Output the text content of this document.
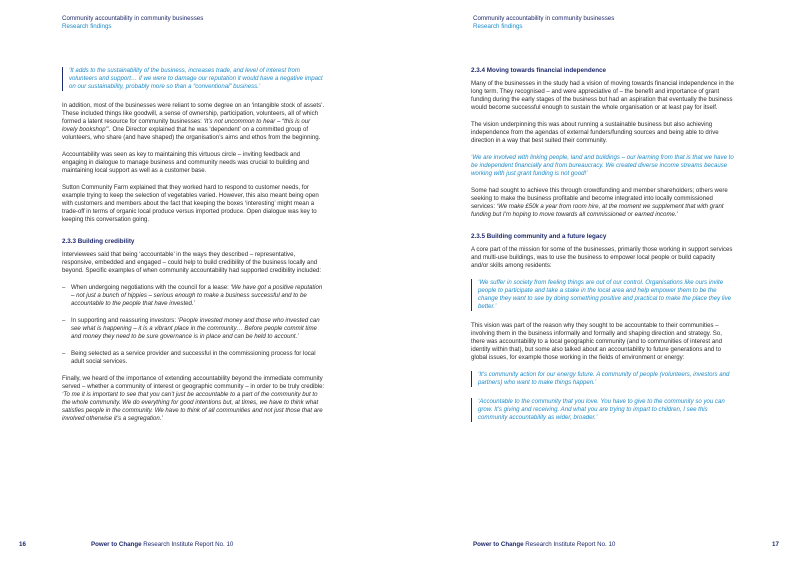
Community accountability in community businesses
Research findings

‘It adds to the sustainability of the business, increases trade, and level of interest from volunteers and support… if we were to damage our reputation it would have a negative impact on our sustainability, probably more so than a “conventional” business.’

In addition, most of the businesses were reliant to some degree on an ‘intangible stock of assets’. These included things like goodwill, a sense of ownership, participation, volunteers, all of which formed a latent resource for community businesses: ‘It’s not uncommon to hear – “this is our lovely bookshop”’. One Director explained that he was ‘dependent’ on a committed group of volunteers, who share (and have shaped) the organisation’s aims and ethos from the beginning.

Accountability was seen as key to maintaining this virtuous circle – inviting feedback and engaging in dialogue to manage business and community needs was crucial to building and maintaining local support as well as a customer base.

Sutton Community Farm explained that they worked hard to respond to customer needs, for example trying to keep the selection of vegetables varied. However, this also meant being open with customers and members about the fact that keeping the boxes ‘interesting’ might mean a trade-off in terms of organic local produce versus imported produce. Open dialogue was key to keeping this conversation going.

2.3.3 Building credibility

Interviewees said that being ‘accountable’ in the ways they described – representative, responsive, embedded and engaged – could help to build credibility of the business locally and beyond. Specific examples of when community accountability had supported credibility included:

– When undergoing negotiations with the council for a lease: ‘We have got a positive reputation – not just a bunch of hippies – serious enough to make a business successful and to be accountable to the people that have invested.’
– In supporting and reassuring investors: ‘People invested money and those who invested can see what is happening – it is a vibrant place in the community… Before people commit time and money they need to be sure governance is in place and can be held to account.’
– Being selected as a service provider and successful in the commissioning process for local adult social services.

Finally, we heard of the importance of extending accountability beyond the immediate community served – whether a community of interest or geographic community – in order to be truly credible: ‘To me it is important to see that you can’t just be accountable to a part of the community but to the whole community. We do everything for good intentions but, at times, we have to think what satisfies people in the community. We have to think of all communities and not just those that are involved otherwise it’s a segregation.’

16	Power to Change Research Institute Report No. 10
Community accountability in community businesses
Research findings
2.3.4 Moving towards financial independence

Many of the businesses in the study had a vision of moving towards financial independence in the long term. They recognised – and were appreciative of – the benefit and importance of grant funding during the early stages of the business but had an aspiration that eventually the business would become successful enough to sustain the whole organisation or at least pay for itself.

The vision underpinning this was about running a sustainable business but also achieving independence from the agendas of external funders/funding sources and being able to drive direction in a way that best suited their community.

‘We are involved with linking people, land and buildings – our learning from that is that we have to be independent financially and from bureaucracy. We created diverse income streams because working with just grant funding is not good!’

Some had sought to achieve this through crowdfunding and member shareholders; others were seeking to make the business profitable and become integrated into locally commissioned services: ‘We make £50k a year from room hire, at the moment we supplement that with grant funding but I’m hoping to move towards all commissioned or earned income.’

2.3.5 Building community and a future legacy

A core part of the mission for some of the businesses, primarily those working in support services and multi-use buildings, was to use the business to empower local people or build capacity and/or skills among residents:

‘We suffer in society from feeling things are out of our control. Organisations like ours invite people to participate and take a stake in the local area and help empower them to be the change they want to see by doing something positive and practical to make the place they live better.’

This vision was part of the reason why they sought to be accountable to their communities – involving them in the business informally and formally and shaping direction and strategy. So, there was accountability to a local geographic community (and to communities of interest and identity within that), but some also talked about an accountability to future generations and to global issues, for example those working in the fields of environment or energy:

‘It’s community action for our energy future. A community of people (volunteers, investors and partners) who want to make things happen.’

‘Accountable to the community that you love. You have to give to the community so you can grow. It’s giving and receiving. And what you are trying to impart to children, I see this community accountability as wider, broader.’

Power to Change Research Institute Report No. 10	17
